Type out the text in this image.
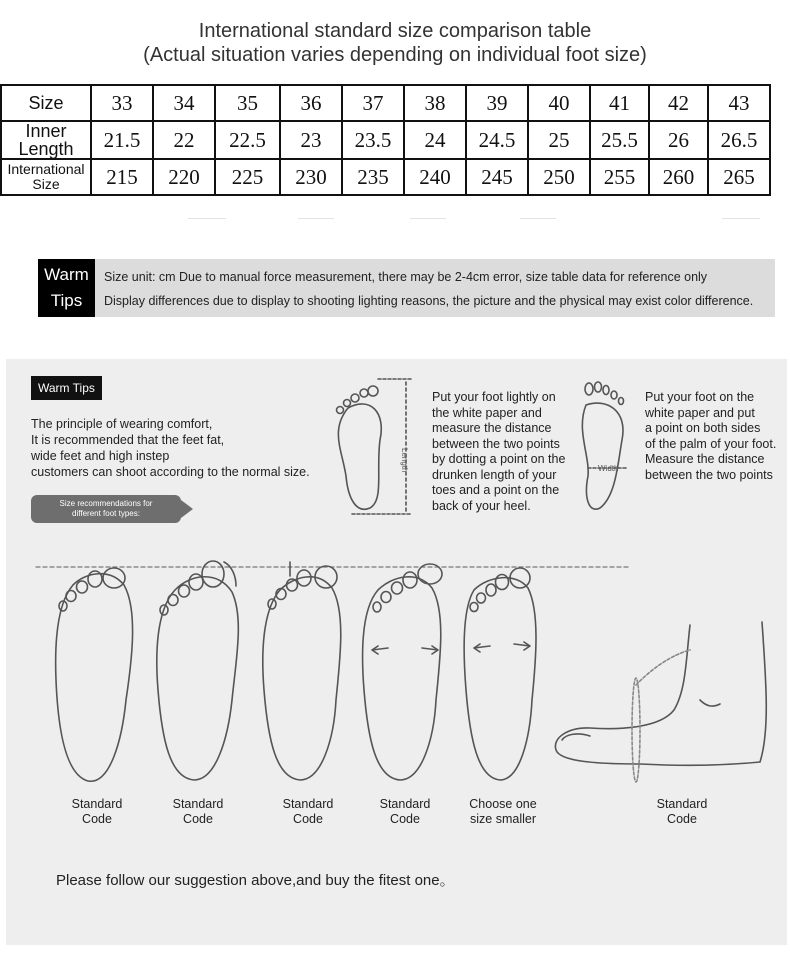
International standard size comparison table
(Actual situation varies depending on individual foot size)
Size	33	34	35	36	37	38	39	40	41	42	43
Inner Length	21.5	22	22.5	23	23.5	24	24.5	25	25.5	26	26.5
International Size	215	220	225	230	235	240	245	250	255	260	265
Warm
Tips
Size unit: cm Due to manual force measurement, there may be 2-4cm error, size table data for reference only
Display differences due to display to shooting lighting reasons, the picture and the physical may exist color difference.
Warm Tips
The principle of wearing comfort,
It is recommended that the feet fat,
wide feet and high instep
customers can shoot according to the normal size.
Size recommendations for
different foot types:
Put your foot lightly on
the white paper and
measure the distance
between the two points
by dotting a point on the
drunken length of your
toes and a point on the
back of your heel.
Put your foot on the
white paper and put
a point on both sides
of the palm of your foot.
Measure the distance
between the two points
Length	Width
Standard
Code
Standard
Code
Standard
Code
Standard
Code
Choose one
size smaller
Standard
Code
Please follow our suggestion above,and buy the fitest one。
